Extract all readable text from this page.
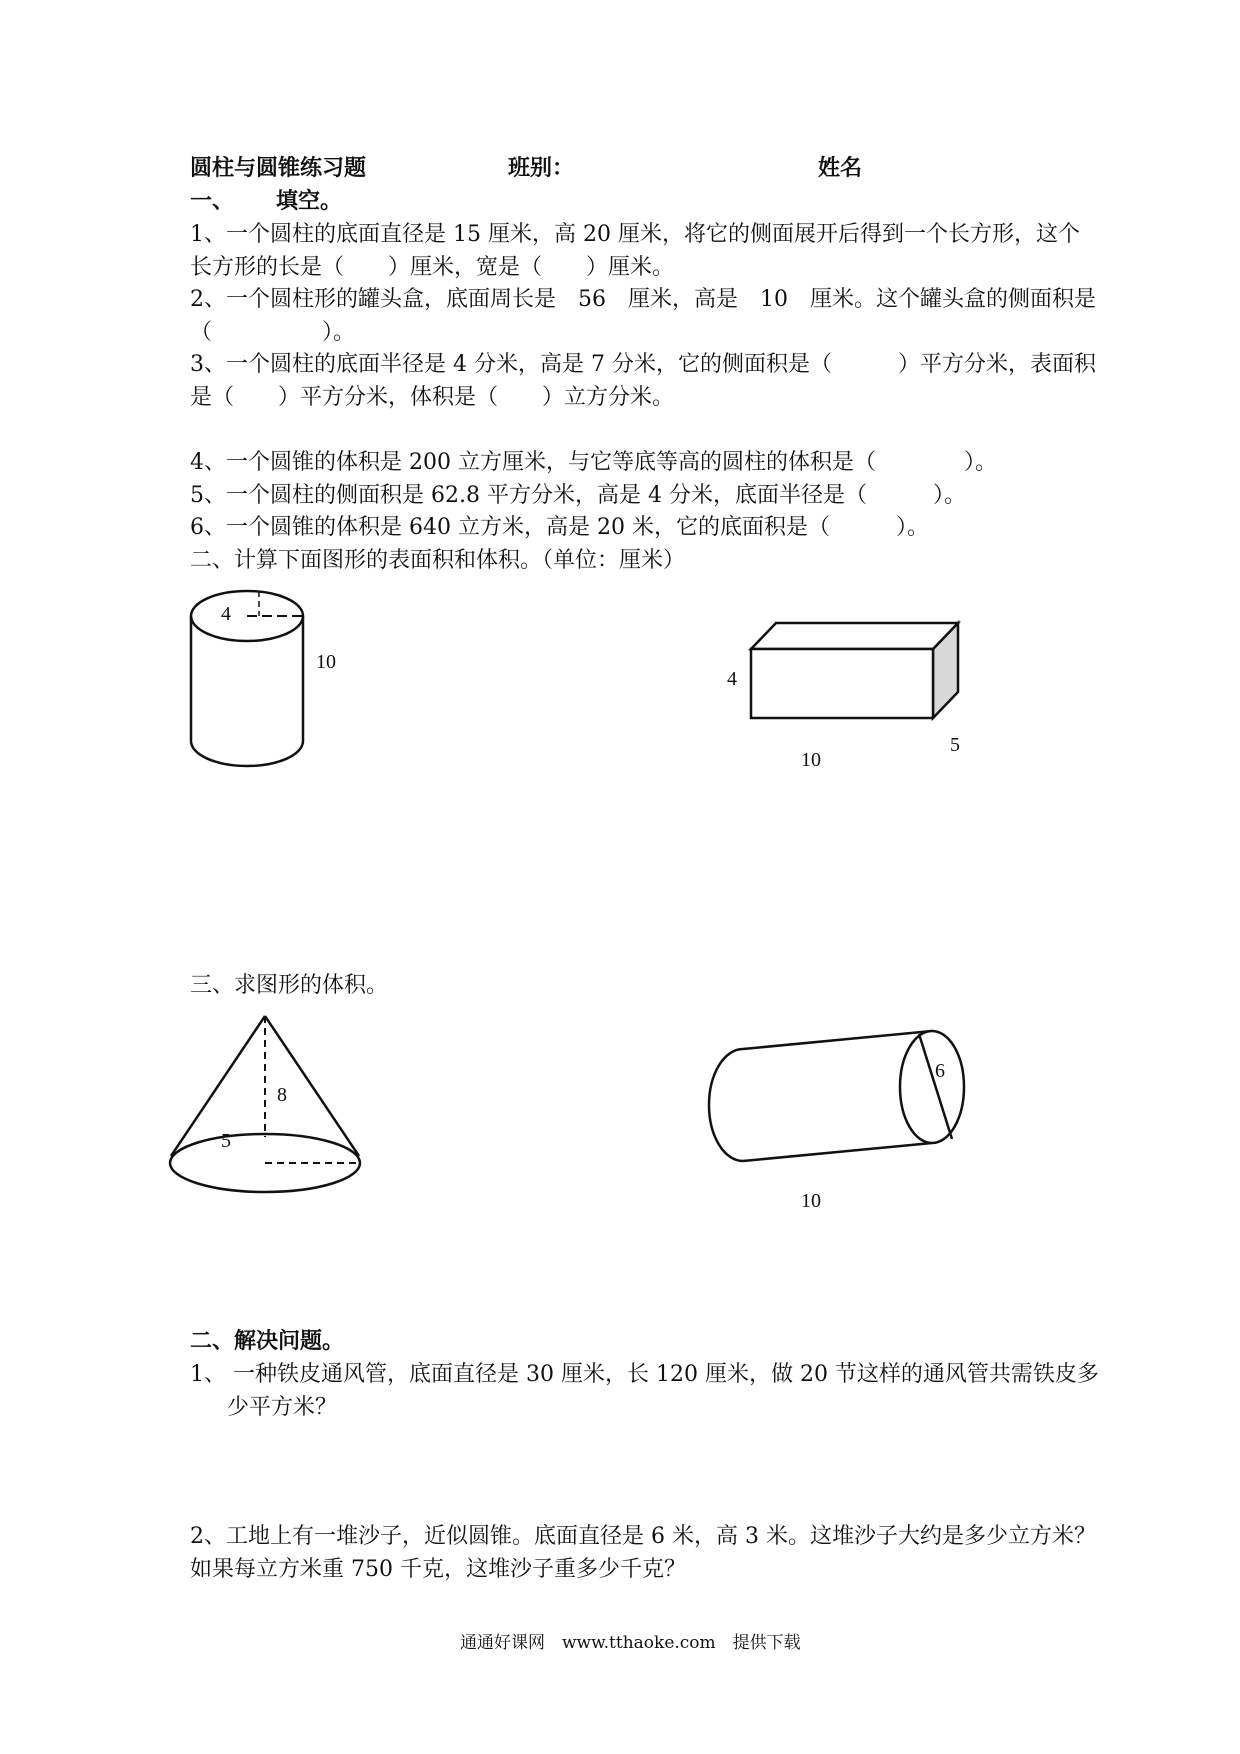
圆柱与圆锥练习题	班别：	姓名
一、 填空。
1、一个圆柱的底面直径是 15 厘米，高 20 厘米，将它的侧面展开后得到一个长方形，这个
长方形的长是（　　）厘米，宽是（　　）厘米。
2、一个圆柱形的罐头盒，底面周长是　56　厘米，高是　10　厘米。这个罐头盒的侧面积是
（　　　　　）。
3、一个圆柱的底面半径是 4 分米，高是 7 分米，它的侧面积是（　　　）平方分米，表面积
是（　　）平方分米，体积是（　　）立方分米。
4、一个圆锥的体积是 200 立方厘米，与它等底等高的圆柱的体积是（　　　　）。
5、一个圆柱的侧面积是 62.8 平方分米，高是 4 分米，底面半径是（　　　）。
6、一个圆锥的体积是 640 立方米，高是 20 米，它的底面积是（　　　）。
二、计算下面图形的表面积和体积。（单位：厘米）
4
10
4
10
5
三、求图形的体积。
8
5
6
10
二、解决问题。
1、 一种铁皮通风管，底面直径是 30 厘米，长 120 厘米，做 20 节这样的通风管共需铁皮多
少平方米？
2、工地上有一堆沙子，近似圆锥。底面直径是 6 米，高 3 米。这堆沙子大约是多少立方米？
如果每立方米重 750 千克，这堆沙子重多少千克？
通通好课网　www.tthaoke.com　提供下载
